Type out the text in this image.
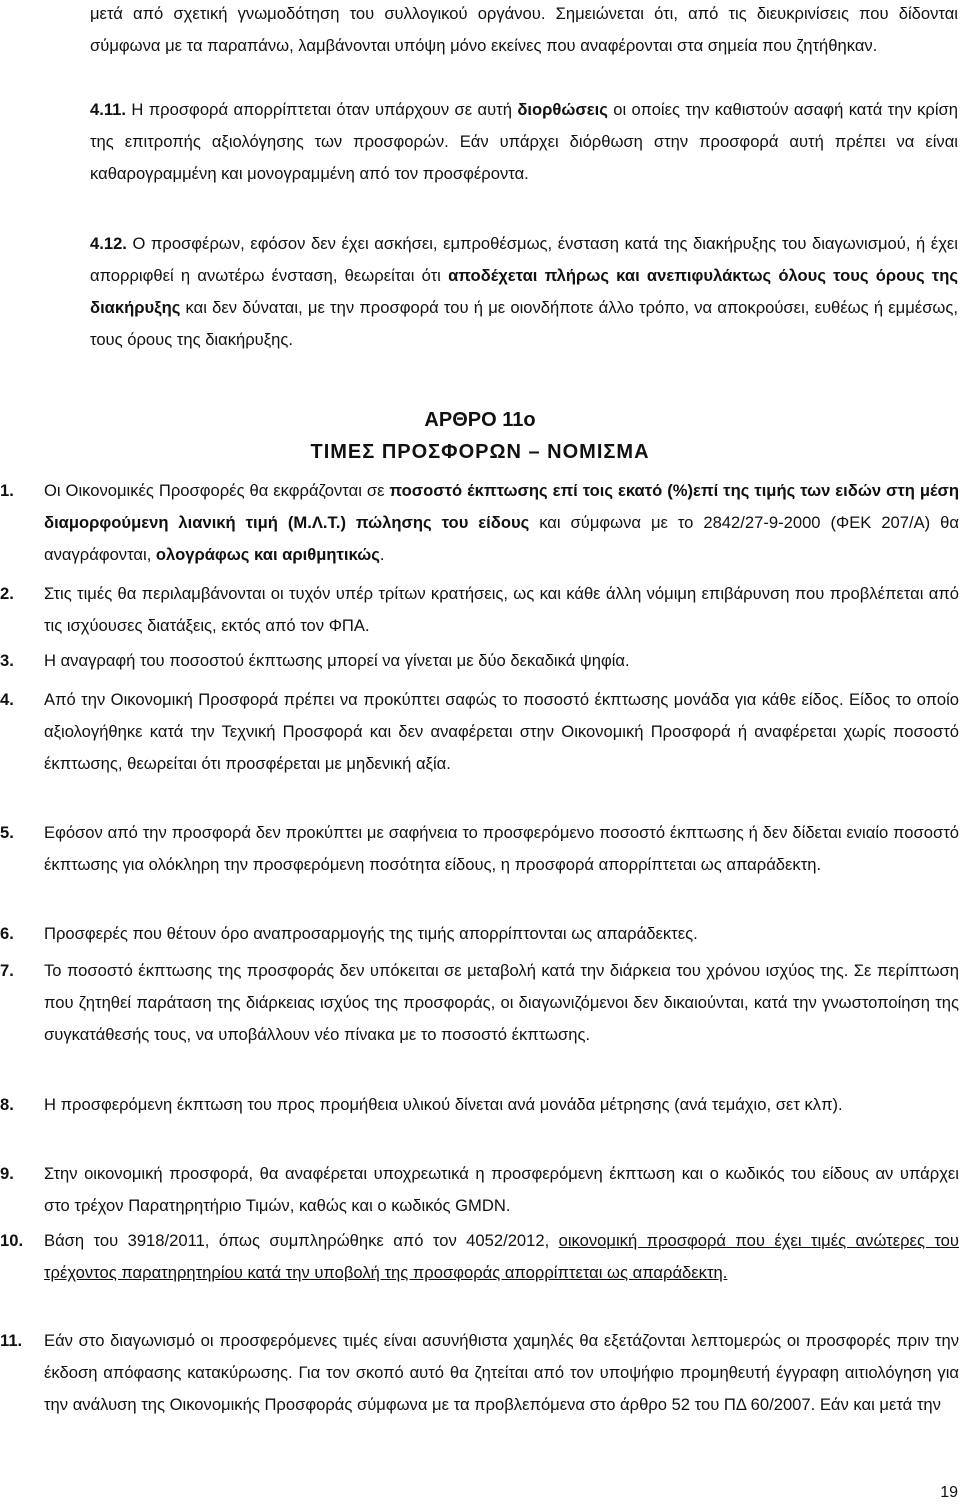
μετά από σχετική γνωμοδότηση του συλλογικού οργάνου. Σημειώνεται ότι, από τις διευκρινίσεις που δίδονται σύμφωνα με τα παραπάνω, λαμβάνονται υπόψη μόνο εκείνες που αναφέρονται στα σημεία που ζητήθηκαν.

4.11. Η προσφορά απορρίπτεται όταν υπάρχουν σε αυτή διορθώσεις οι οποίες την καθιστούν ασαφή κατά την κρίση της επιτροπής αξιολόγησης των προσφορών. Εάν υπάρχει διόρθωση στην προσφορά αυτή πρέπει να είναι καθαρογραμμένη και μονογραμμένη από τον προσφέροντα.

4.12. Ο προσφέρων, εφόσον δεν έχει ασκήσει, εμπροθέσμως, ένσταση κατά της διακήρυξης του διαγωνισμού, ή έχει απορριφθεί η ανωτέρω ένσταση, θεωρείται ότι αποδέχεται πλήρως και ανεπιφυλάκτως όλους τους όρους της διακήρυξης και δεν δύναται, με την προσφορά του ή με οιονδήποτε άλλο τρόπο, να αποκρούσει, ευθέως ή εμμέσως, τους όρους της διακήρυξης.

ΑΡΘΡΟ 11ο
ΤΙΜΕΣ ΠΡΟΣΦΟΡΩΝ – ΝΟΜΙΣΜΑ
1.	Οι Οικονομικές Προσφορές θα εκφράζονται σε ποσοστό έκπτωσης επί τοις εκατό (%)επί της τιμής των ειδών στη μέση διαμορφούμενη λιανική τιμή (Μ.Λ.Τ.) πώλησης του είδους και σύμφωνα με το 2842/27-9-2000 (ΦΕΚ 207/Α) θα αναγράφονται, ολογράφως και αριθμητικώς.

2.	Στις τιμές θα περιλαμβάνονται οι τυχόν υπέρ τρίτων κρατήσεις, ως και κάθε άλλη νόμιμη επιβάρυνση που προβλέπεται από τις ισχύουσες διατάξεις, εκτός από τον ΦΠΑ.

3.	Η αναγραφή του ποσοστού έκπτωσης μπορεί να γίνεται με δύο δεκαδικά ψηφία.

4.	Από την Οικονομική Προσφορά πρέπει να προκύπτει σαφώς το ποσοστό έκπτωσης μονάδα για κάθε είδος. Είδος το οποίο αξιολογήθηκε κατά την Τεχνική Προσφορά και δεν αναφέρεται στην Οικονομική Προσφορά ή αναφέρεται χωρίς ποσοστό έκπτωσης, θεωρείται ότι προσφέρεται με μηδενική αξία.

5.	Εφόσον από την προσφορά δεν προκύπτει με σαφήνεια το προσφερόμενο ποσοστό έκπτωσης ή δεν δίδεται ενιαίο ποσοστό έκπτωσης για ολόκληρη την προσφερόμενη ποσότητα είδους, η προσφορά απορρίπτεται ως απαράδεκτη.

6.	Προσφερές που θέτουν όρο αναπροσαρμογής της τιμής απορρίπτονται ως απαράδεκτες.

7.	Το ποσοστό έκπτωσης της προσφοράς δεν υπόκειται σε μεταβολή κατά την διάρκεια του χρόνου ισχύος της. Σε περίπτωση που ζητηθεί παράταση της διάρκειας ισχύος της προσφοράς, οι διαγωνιζόμενοι δεν δικαιούνται, κατά την γνωστοποίηση της συγκατάθεσής τους, να υποβάλλουν νέο πίνακα με το ποσοστό έκπτωσης.

8.	Η προσφερόμενη έκπτωση του προς προμήθεια υλικού δίνεται ανά μονάδα μέτρησης (ανά τεμάχιο, σετ κλπ).

9.	Στην οικονομική προσφορά, θα αναφέρεται υποχρεωτικά η προσφερόμενη έκπτωση και ο κωδικός του είδους αν υπάρχει στο τρέχον Παρατηρητήριο Τιμών, καθώς και ο κωδικός GMDN.

10.	Βάση του 3918/2011, όπως συμπληρώθηκε από τον 4052/2012, οικονομική προσφορά που έχει τιμές ανώτερες του τρέχοντος παρατηρητηρίου κατά την υποβολή της προσφοράς απορρίπτεται ως απαράδεκτη.

11.	Εάν στο διαγωνισμό οι προσφερόμενες τιμές είναι ασυνήθιστα χαμηλές θα εξετάζονται λεπτομερώς οι προσφορές πριν την έκδοση απόφασης κατακύρωσης. Για τον σκοπό αυτό θα ζητείται από τον υποψήφιο προμηθευτή έγγραφη αιτιολόγηση για την ανάλυση της Οικονομικής Προσφοράς σύμφωνα με τα προβλεπόμενα στο άρθρο 52 του ΠΔ 60/2007. Εάν και μετά την

19
